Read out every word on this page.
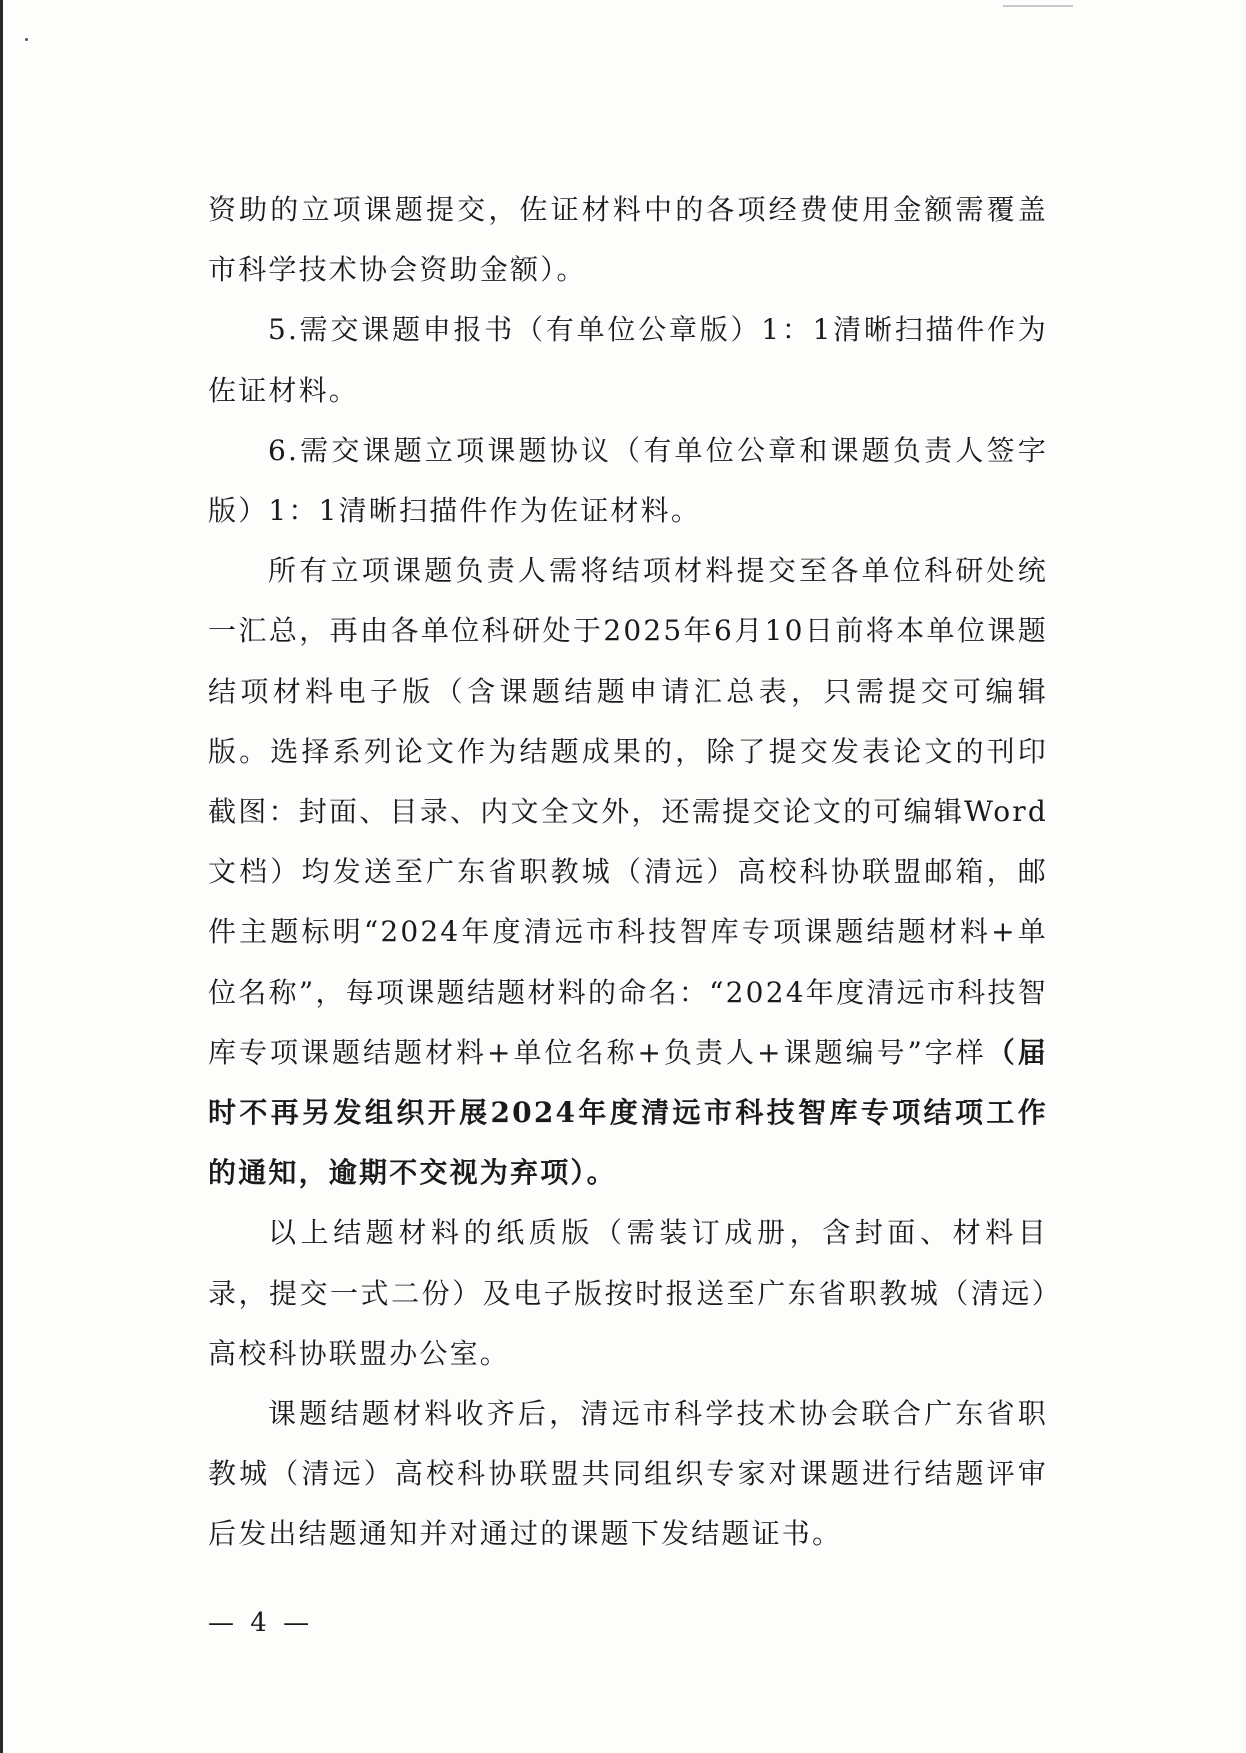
资助的立项课题提交，佐证材料中的各项经费使用金额需覆盖市科学技术协会资助金额）。

5.需交课题申报书（有单位公章版）1：1清晰扫描件作为佐证材料。

6.需交课题立项课题协议（有单位公章和课题负责人签字版）1：1清晰扫描件作为佐证材料。

所有立项课题负责人需将结项材料提交至各单位科研处统一汇总，再由各单位科研处于2025年6月10日前将本单位课题结项材料电子版（含课题结题申请汇总表，只需提交可编辑版。选择系列论文作为结题成果的，除了提交发表论文的刊印截图：封面、目录、内文全文外，还需提交论文的可编辑Word文档）均发送至广东省职教城（清远）高校科协联盟邮箱，邮件主题标明“2024年度清远市科技智库专项课题结题材料+单位名称”，每项课题结题材料的命名：“2024年度清远市科技智库专项课题结题材料+单位名称+负责人+课题编号”字样（届时不再另发组织开展2024年度清远市科技智库专项结项工作的通知，逾期不交视为弃项）。

以上结题材料的纸质版（需装订成册，含封面、材料目录，提交一式二份）及电子版按时报送至广东省职教城（清远）高校科协联盟办公室。

课题结题材料收齐后，清远市科学技术协会联合广东省职教城（清远）高校科协联盟共同组织专家对课题进行结题评审后发出结题通知并对通过的课题下发结题证书。

— 4 —
